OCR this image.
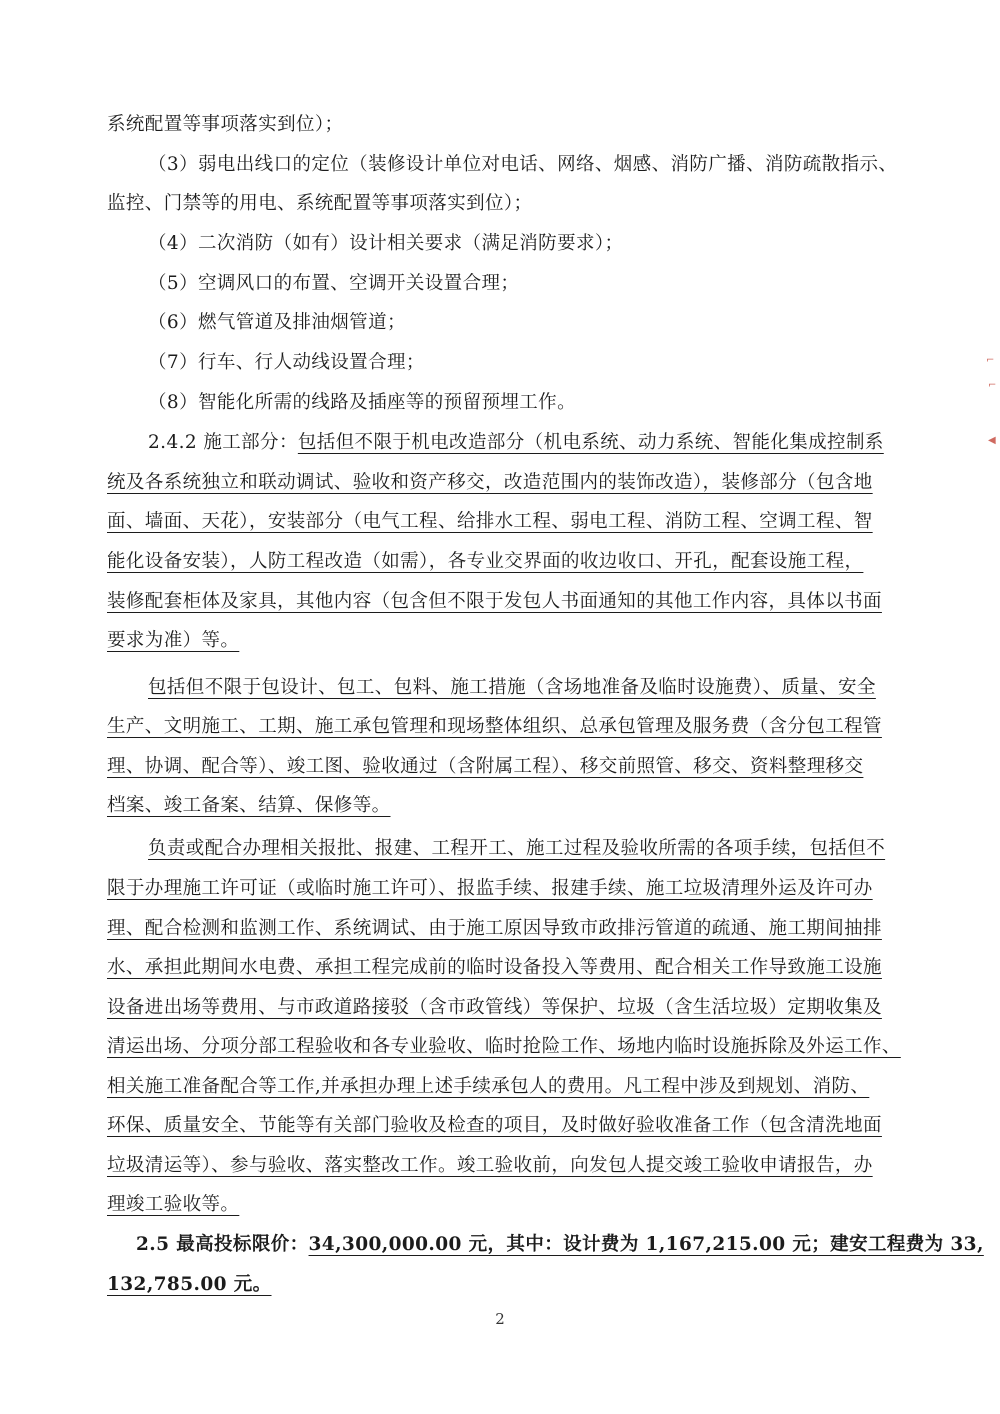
系统配置等事项落实到位）；
（3）弱电出线口的定位（装修设计单位对电话、网络、烟感、消防广播、消防疏散指示、
监控、门禁等的用电、系统配置等事项落实到位）；
（4）二次消防（如有）设计相关要求（满足消防要求）；
（5）空调风口的布置、空调开关设置合理；
（6）燃气管道及排油烟管道；
（7）行车、行人动线设置合理；
（8）智能化所需的线路及插座等的预留预埋工作。
2.4.2 施工部分：包括但不限于机电改造部分（机电系统、动力系统、智能化集成控制系
统及各系统独立和联动调试、验收和资产移交，改造范围内的装饰改造），装修部分（包含地
面、墙面、天花），安装部分（电气工程、给排水工程、弱电工程、消防工程、空调工程、智
能化设备安装），人防工程改造（如需），各专业交界面的收边收口、开孔，配套设施工程，
装修配套柜体及家具，其他内容（包含但不限于发包人书面通知的其他工作内容，具体以书面
要求为准）等。
包括但不限于包设计、包工、包料、施工措施（含场地准备及临时设施费）、质量、安全
生产、文明施工、工期、施工承包管理和现场整体组织、总承包管理及服务费（含分包工程管
理、协调、配合等）、竣工图、验收通过（含附属工程）、移交前照管、移交、资料整理移交
档案、竣工备案、结算、保修等。
负责或配合办理相关报批、报建、工程开工、施工过程及验收所需的各项手续，包括但不
限于办理施工许可证（或临时施工许可）、报监手续、报建手续、施工垃圾清理外运及许可办
理、配合检测和监测工作、系统调试、由于施工原因导致市政排污管道的疏通、施工期间抽排
水、承担此期间水电费、承担工程完成前的临时设备投入等费用、配合相关工作导致施工设施
设备进出场等费用、与市政道路接驳（含市政管线）等保护、垃圾（含生活垃圾）定期收集及
清运出场、分项分部工程验收和各专业验收、临时抢险工作、场地内临时设施拆除及外运工作、
相关施工准备配合等工作,并承担办理上述手续承包人的费用。凡工程中涉及到规划、消防、
环保、质量安全、节能等有关部门验收及检查的项目，及时做好验收准备工作（包含清洗地面
垃圾清运等）、参与验收、落实整改工作。竣工验收前，向发包人提交竣工验收申请报告，办
理竣工验收等。
2.5 最高投标限价：34,300,000.00 元，其中：设计费为 1,167,215.00 元；建安工程费为 33,
132,785.00 元。
⌐
⌐
◀
2
